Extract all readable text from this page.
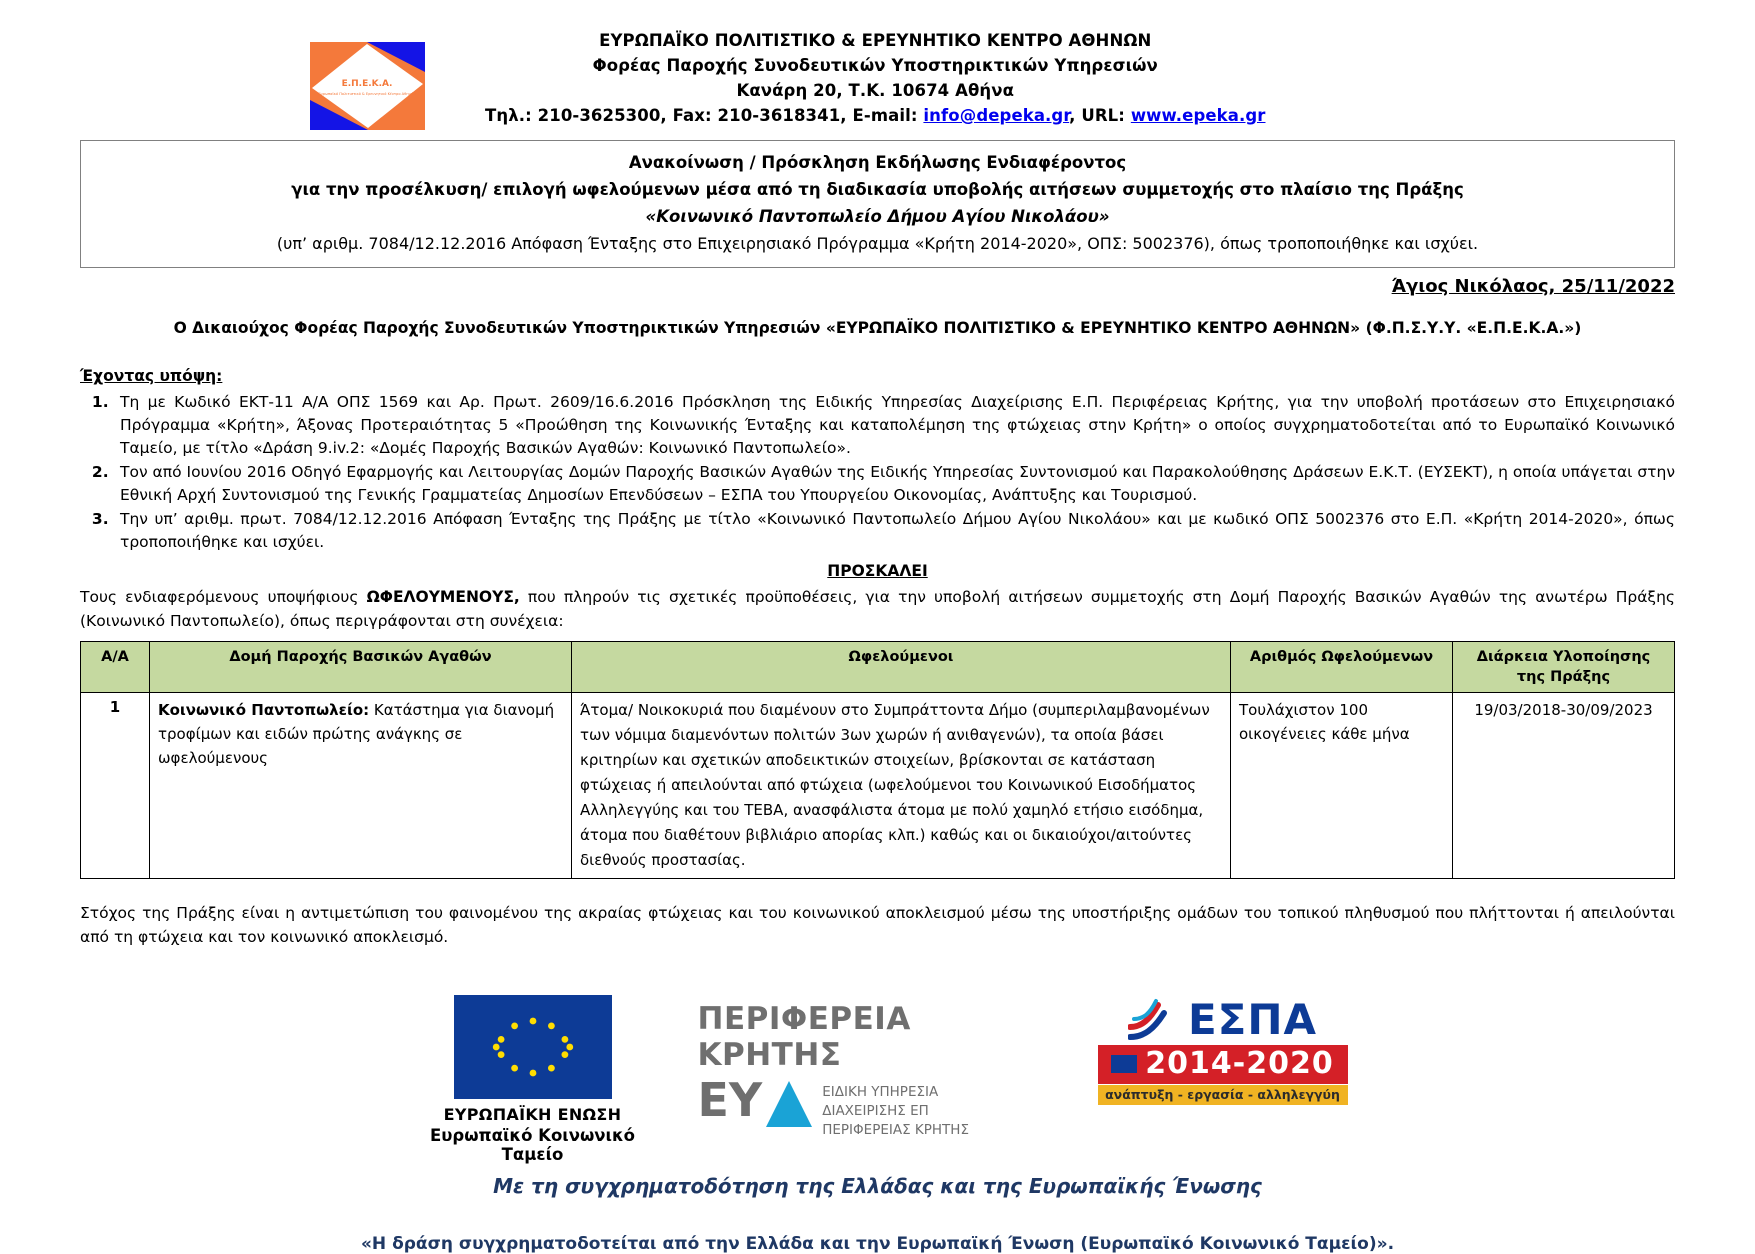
Ε.Π.Ε.Κ.Α.
Ευρωπαϊκό Πολιτιστικό & Ερευνητικό Κέντρο Αθηνών
ΕΥΡΩΠΑΪΚΟ ΠΟΛΙΤΙΣΤΙΚΟ & ΕΡΕΥΝΗΤΙΚΟ ΚΕΝΤΡΟ ΑΘΗΝΩΝ
Φορέας Παροχής Συνοδευτικών Υποστηρικτικών Υπηρεσιών
Κανάρη 20, Τ.Κ. 10674 Αθήνα
Τηλ.: 210-3625300, Fax: 210-3618341, E-mail: info@depeka.gr, URL: www.epeka.gr
Ανακοίνωση / Πρόσκληση Εκδήλωσης Ενδιαφέροντος
για την προσέλκυση/ επιλογή ωφελούμενων μέσα από τη διαδικασία υποβολής αιτήσεων συμμετοχής στο πλαίσιο της Πράξης
«Κοινωνικό Παντοπωλείο Δήμου Αγίου Νικολάου»
(υπ’ αριθμ. 7084/12.12.2016 Απόφαση Ένταξης στο Επιχειρησιακό Πρόγραμμα «Κρήτη 2014-2020», ΟΠΣ: 5002376), όπως τροποποιήθηκε και ισχύει.
Άγιος Νικόλαος, 25/11/2022
Ο Δικαιούχος Φορέας Παροχής Συνοδευτικών Υποστηρικτικών Υπηρεσιών «ΕΥΡΩΠΑΪΚΟ ΠΟΛΙΤΙΣΤΙΚΟ & ΕΡΕΥΝΗΤΙΚΟ ΚΕΝΤΡΟ ΑΘΗΝΩΝ» (Φ.Π.Σ.Υ.Υ. «Ε.Π.Ε.Κ.Α.»)
Έχοντας υπόψη:
1. Τη με Κωδικό ΕΚΤ-11 Α/Α ΟΠΣ 1569 και Αρ. Πρωτ. 2609/16.6.2016 Πρόσκληση της Ειδικής Υπηρεσίας Διαχείρισης Ε.Π. Περιφέρειας Κρήτης, για την υποβολή προτάσεων στο Επιχειρησιακό Πρόγραμμα «Κρήτη», Άξονας Προτεραιότητας 5 «Προώθηση της Κοινωνικής Ένταξης και καταπολέμηση της φτώχειας στην Κρήτη» ο οποίος συγχρηματοδοτείται από το Ευρωπαϊκό Κοινωνικό Ταμείο, με τίτλο «Δράση 9.iv.2: «Δομές Παροχής Βασικών Αγαθών: Κοινωνικό Παντοπωλείο».
2. Τον από Ιουνίου 2016 Οδηγό Εφαρμογής και Λειτουργίας Δομών Παροχής Βασικών Αγαθών της Ειδικής Υπηρεσίας Συντονισμού και Παρακολούθησης Δράσεων Ε.Κ.Τ. (ΕΥΣΕΚΤ), η οποία υπάγεται στην Εθνική Αρχή Συντονισμού της Γενικής Γραμματείας Δημοσίων Επενδύσεων – ΕΣΠΑ του Υπουργείου Οικονομίας, Ανάπτυξης και Τουρισμού.
3. Την υπ’ αριθμ. πρωτ. 7084/12.12.2016 Απόφαση Ένταξης της Πράξης με τίτλο «Κοινωνικό Παντοπωλείο Δήμου Αγίου Νικολάου» και με κωδικό ΟΠΣ 5002376 στο Ε.Π. «Κρήτη 2014-2020», όπως τροποποιήθηκε και ισχύει.
ΠΡΟΣΚΑΛΕΙ
Τους ενδιαφερόμενους υποψήφιους ΩΦΕΛΟΥΜΕΝΟΥΣ, που πληρούν τις σχετικές προϋποθέσεις, για την υποβολή αιτήσεων συμμετοχής στη Δομή Παροχής Βασικών Αγαθών της ανωτέρω Πράξης (Κοινωνικό Παντοπωλείο), όπως περιγράφονται στη συνέχεια:
Α/Α	Δομή Παροχής Βασικών Αγαθών	Ωφελούμενοι	Αριθμός Ωφελούμενων	Διάρκεια Υλοποίησης της Πράξης
1	Κοινωνικό Παντοπωλείο: Κατάστημα για διανομή τροφίμων και ειδών πρώτης ανάγκης σε ωφελούμενους	Άτομα/ Νοικοκυριά που διαμένουν στο Συμπράττοντα Δήμο (συμπεριλαμβανομένων των νόμιμα διαμενόντων πολιτών 3ων χωρών ή ανιθαγενών), τα οποία βάσει κριτηρίων και σχετικών αποδεικτικών στοιχείων, βρίσκονται σε κατάσταση φτώχειας ή απειλούνται από φτώχεια (ωφελούμενοι του Κοινωνικού Εισοδήματος Αλληλεγγύης και του ΤΕΒΑ, ανασφάλιστα άτομα με πολύ χαμηλό ετήσιο εισόδημα, άτομα που διαθέτουν βιβλιάριο απορίας κλπ.) καθώς και οι δικαιούχοι/αιτούντες διεθνούς προστασίας.	Τουλάχιστον 100 οικογένειες κάθε μήνα	19/03/2018-30/09/2023
Στόχος της Πράξης είναι η αντιμετώπιση του φαινομένου της ακραίας φτώχειας και του κοινωνικού αποκλεισμού μέσω της υποστήριξης ομάδων του τοπικού πληθυσμού που πλήττονται ή απειλούνται από τη φτώχεια και τον κοινωνικό αποκλεισμό.
ΕΥΡΩΠΑΪΚΗ ΕΝΩΣΗ
Ευρωπαϊκό Κοινωνικό Ταμείο
ΠΕΡΙΦΕΡΕΙΑ ΚΡΗΤΗΣ
ΕΥ	ΕΙΔΙΚΗ ΥΠΗΡΕΣΙΑ
ΔΙΑΧΕΙΡΙΣΗΣ ΕΠ
ΠΕΡΙΦΕΡΕΙΑΣ ΚΡΗΤΗΣ
ΕΣΠΑ
2014-2020
ανάπτυξη - εργασία - αλληλεγγύη
Με τη συγχρηματοδότηση της Ελλάδας και της Ευρωπαϊκής Ένωσης
«Η δράση συγχρηματοδοτείται από την Ελλάδα και την Ευρωπαϊκή Ένωση (Ευρωπαϊκό Κοινωνικό Ταμείο)».
